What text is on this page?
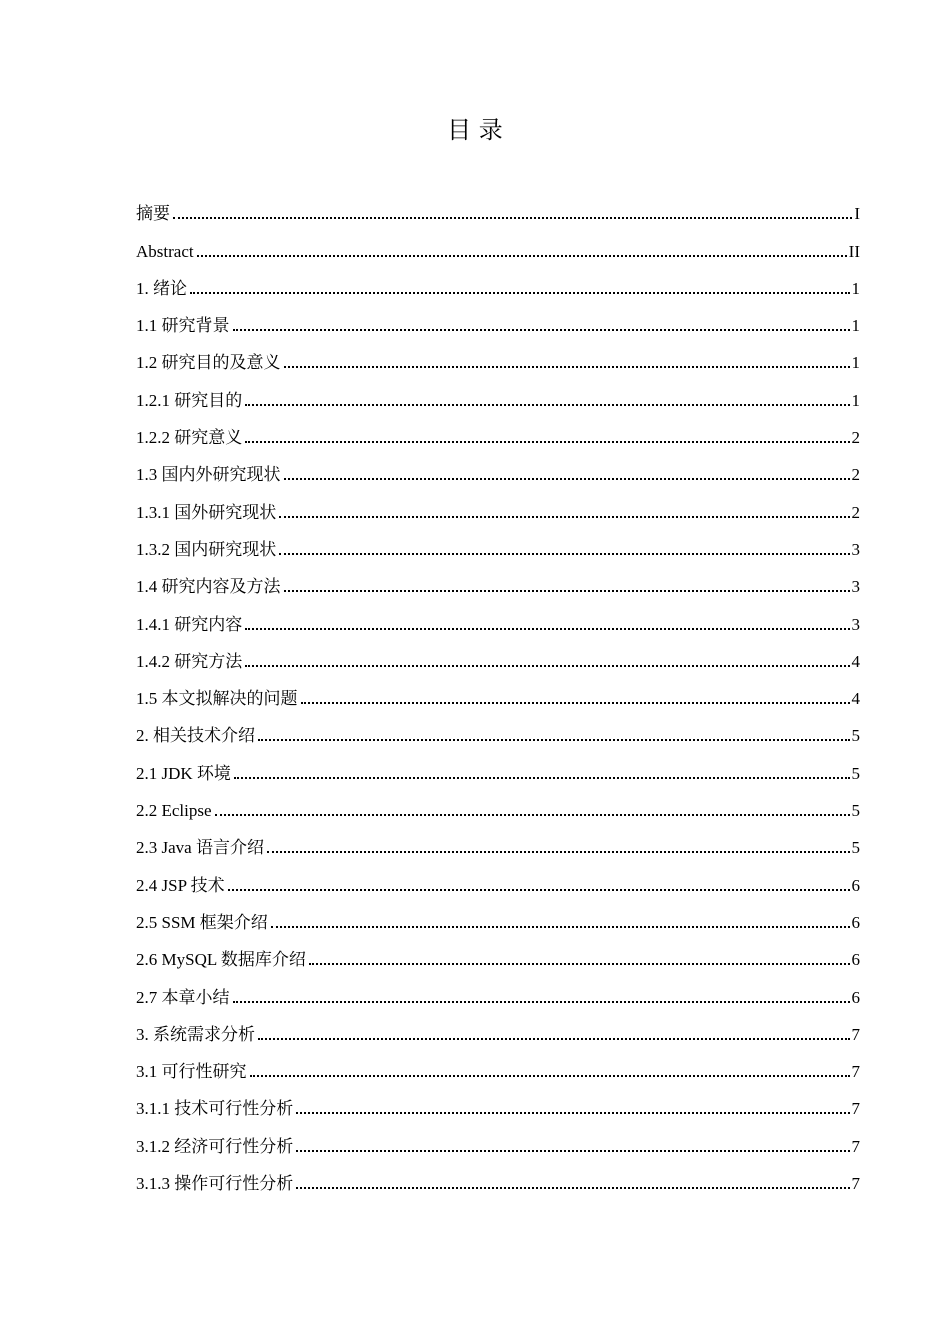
目 录
摘要	I
Abstract	II
1. 绪论	1
1.1 研究背景	1
1.2 研究目的及意义	1
1.2.1 研究目的	1
1.2.2 研究意义	2
1.3 国内外研究现状	2
1.3.1 国外研究现状	2
1.3.2 国内研究现状	3
1.4 研究内容及方法	3
1.4.1 研究内容	3
1.4.2 研究方法	4
1.5 本文拟解决的问题	4
2. 相关技术介绍	5
2.1 JDK 环境	5
2.2 Eclipse	5
2.3 Java 语言介绍	5
2.4 JSP 技术	6
2.5 SSM 框架介绍	6
2.6 MySQL 数据库介绍	6
2.7 本章小结	6
3. 系统需求分析	7
3.1 可行性研究	7
3.1.1 技术可行性分析	7
3.1.2 经济可行性分析	7
3.1.3 操作可行性分析	7
